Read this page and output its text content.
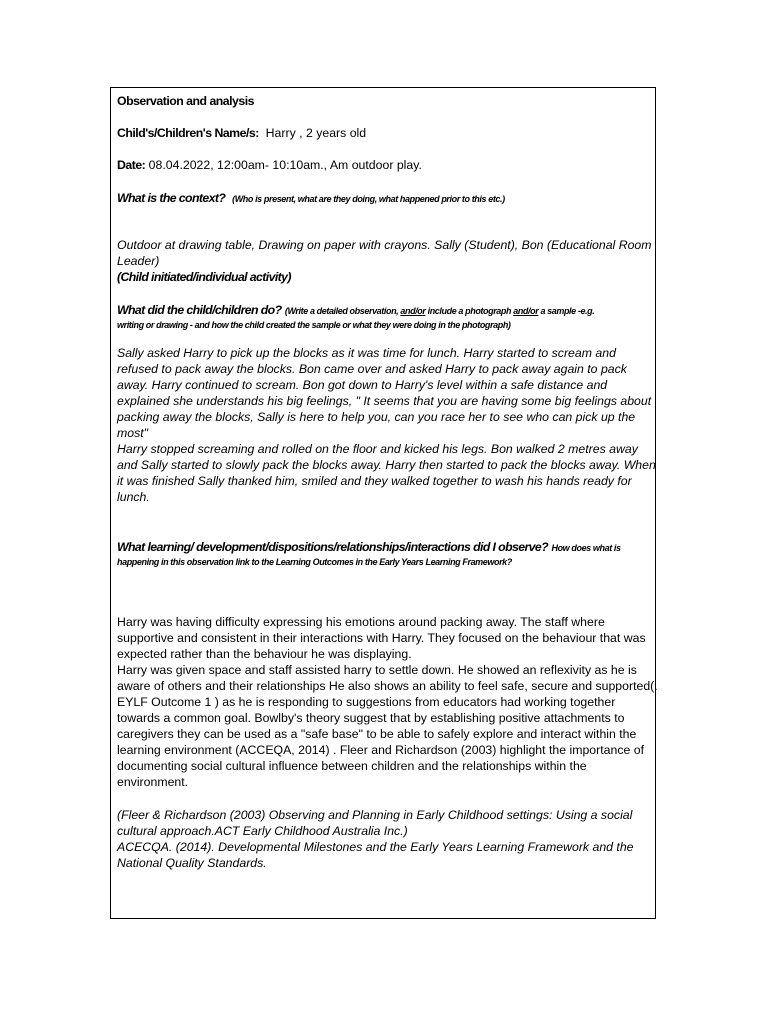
Observation and analysis

Child's/Children's Name/s: Harry , 2 years old

Date: 08.04.2022, 12:00am- 10:10am., Am outdoor play.

What is the context? (Who is present, what are they doing, what happened prior to this etc.)

Outdoor at drawing table, Drawing on paper with crayons. Sally (Student), Bon (Educational Room

Leader)

(Child initiated/individual activity)

What did the child/children do? (Write a detailed observation, and/or include a photograph and/or a sample -e.g.

writing or drawing - and how the child created the sample or what they were doing in the photograph)

Sally asked Harry to pick up the blocks as it was time for lunch. Harry started to scream and

refused to pack away the blocks. Bon came over and asked Harry to pack away again to pack

away. Harry continued to scream. Bon got down to Harry's level within a safe distance and

explained she understands his big feelings, " It seems that you are having some big feelings about

packing away the blocks, Sally is here to help you, can you race her to see who can pick up the

most"

Harry stopped screaming and rolled on the floor and kicked his legs. Bon walked 2 metres away

and Sally started to slowly pack the blocks away. Harry then started to pack the blocks away. When

it was finished Sally thanked him, smiled and they walked together to wash his hands ready for

lunch.

What learning/ development/dispositions/relationships/interactions did I observe? How does what is

happening in this observation link to the Learning Outcomes in the Early Years Learning Framework?

Harry was having difficulty expressing his emotions around packing away. The staff where

supportive and consistent in their interactions with Harry. They focused on the behaviour that was

expected rather than the behaviour he was displaying.

Harry was given space and staff assisted harry to settle down. He showed an reflexivity as he is

aware of others and their relationships He also shows an ability to feel safe, secure and supported(.

EYLF Outcome 1 ) as he is responding to suggestions from educators had working together

towards a common goal. Bowlby's theory suggest that by establishing positive attachments to

caregivers they can be used as a "safe base" to be able to safely explore and interact within the

learning environment (ACCEQA, 2014) . Fleer and Richardson (2003) highlight the importance of

documenting social cultural influence between children and the relationships within the

environment.

(Fleer & Richardson (2003) Observing and Planning in Early Childhood settings: Using a social

cultural approach.ACT Early Childhood Australia Inc.)

ACECQA. (2014). Developmental Milestones and the Early Years Learning Framework and the

National Quality Standards.
